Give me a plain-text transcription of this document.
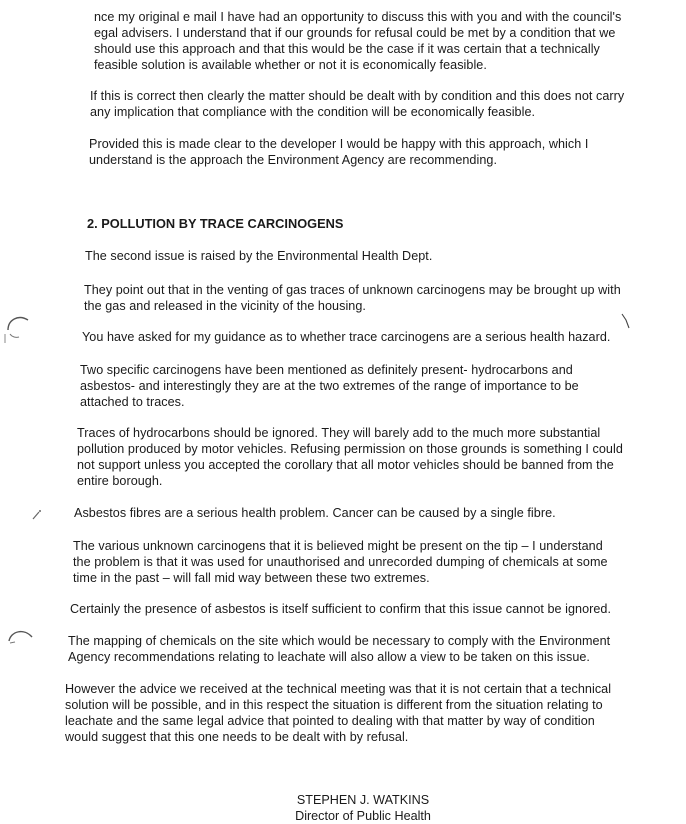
nce my original e mail I have had an opportunity to discuss this with you and with the council's
egal advisers. I understand that if our grounds for refusal could be met by a condition that we
should use this approach and that this would be the case if it was certain that a technically
feasible solution is available whether or not it is economically feasible.

If this is correct then clearly the matter should be dealt with by condition and this does not carry
any implication that compliance with the condition will be economically feasible.

Provided this is made clear to the developer I would be happy with this approach, which I
understand is the approach the Environment Agency are recommending.

2. POLLUTION BY TRACE CARCINOGENS

The second issue is raised by the Environmental Health Dept.

They point out that in the venting of gas traces of unknown carcinogens may be brought up with
the gas and released in the vicinity of the housing.

You have asked for my guidance as to whether trace carcinogens are a serious health hazard.

Two specific carcinogens have been mentioned as definitely present- hydrocarbons and
asbestos- and interestingly they are at the two extremes of the range of importance to be
attached to traces.

Traces of hydrocarbons should be ignored. They will barely add to the much more substantial
pollution produced by motor vehicles. Refusing permission on those grounds is something I could
not support unless you accepted the corollary that all motor vehicles should be banned from the
entire borough.

Asbestos fibres are a serious health problem. Cancer can be caused by a single fibre.

The various unknown carcinogens that it is believed might be present on the tip – I understand
the problem is that it was used for unauthorised and unrecorded dumping of chemicals at some
time in the past – will fall mid way between these two extremes.

Certainly the presence of asbestos is itself sufficient to confirm that this issue cannot be ignored.

The mapping of chemicals on the site which would be necessary to comply with the Environment
Agency recommendations relating to leachate will also allow a view to be taken on this issue.

However the advice we received at the technical meeting was that it is not certain that a technical
solution will be possible, and in this respect the situation is different from the situation relating to
leachate and the same legal advice that pointed to dealing with that matter by way of condition
would suggest that this one needs to be dealt with by refusal.

STEPHEN J. WATKINS
Director of Public Health
